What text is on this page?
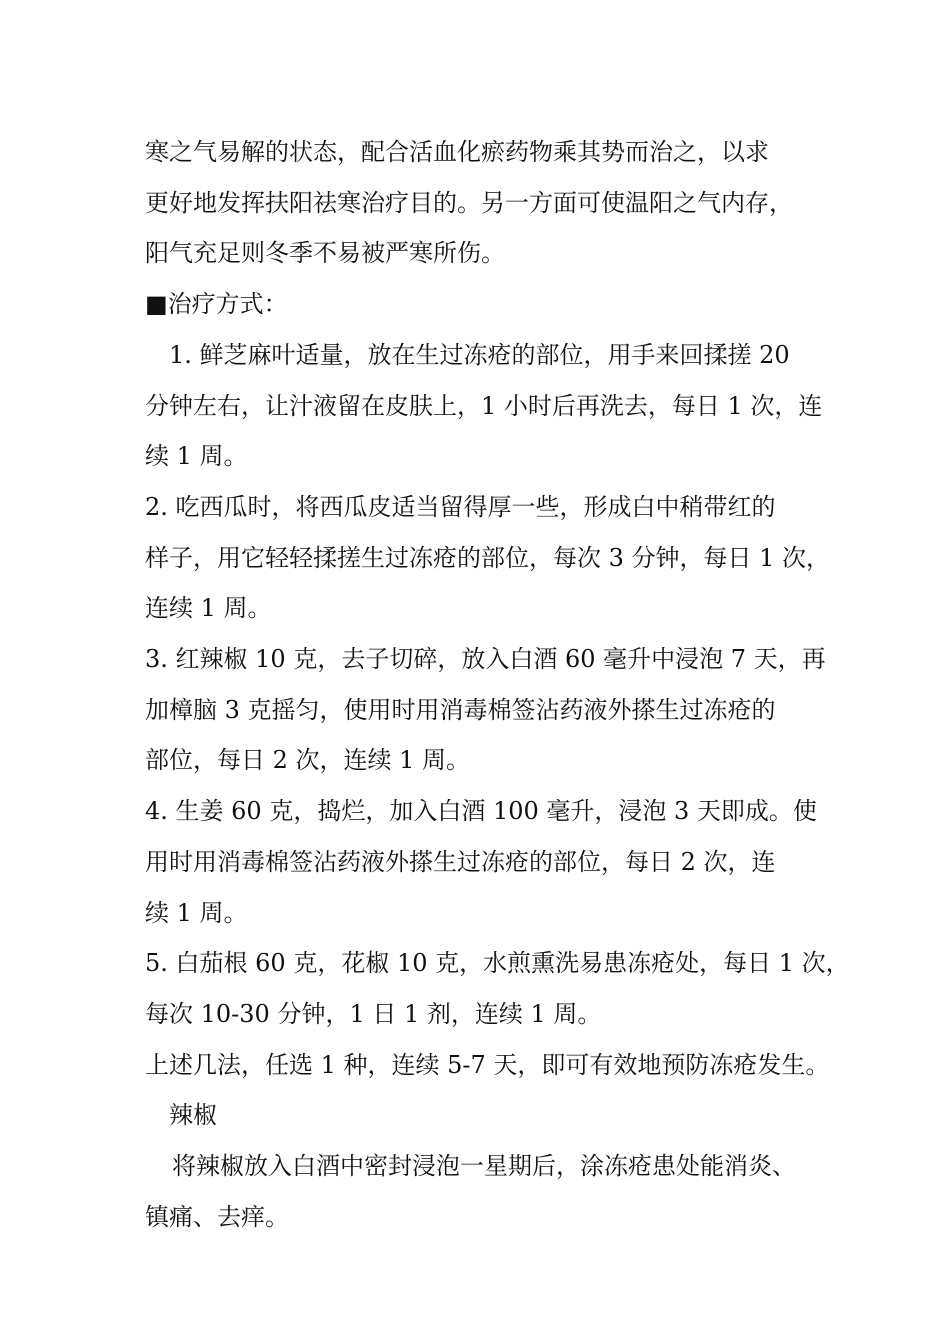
寒之气易解的状态，配合活血化瘀药物乘其势而治之，以求

更好地发挥扶阳祛寒治疗目的。另一方面可使温阳之气内存，

阳气充足则冬季不易被严寒所伤。

■治疗方式：

1. 鲜芝麻叶适量，放在生过冻疮的部位，用手来回揉搓 20

分钟左右，让汁液留在皮肤上，1 小时后再洗去，每日 1 次，连

续 1 周。

2. 吃西瓜时，将西瓜皮适当留得厚一些，形成白中稍带红的

样子，用它轻轻揉搓生过冻疮的部位，每次 3 分钟，每日 1 次，

连续 1 周。

3. 红辣椒 10 克，去子切碎，放入白酒 60 毫升中浸泡 7 天，再

加樟脑 3 克摇匀，使用时用消毒棉签沾药液外搽生过冻疮的

部位，每日 2 次，连续 1 周。

4. 生姜 60 克，捣烂，加入白酒 100 毫升，浸泡 3 天即成。使

用时用消毒棉签沾药液外搽生过冻疮的部位，每日 2 次，连

续 1 周。

5. 白茄根 60 克，花椒 10 克，水煎熏洗易患冻疮处，每日 1 次，

每次 10-30 分钟，1 日 1 剂，连续 1 周。

上述几法，任选 1 种，连续 5-7 天，即可有效地预防冻疮发生。

辣椒

将辣椒放入白酒中密封浸泡一星期后，涂冻疮患处能消炎、

镇痛、去痒。
